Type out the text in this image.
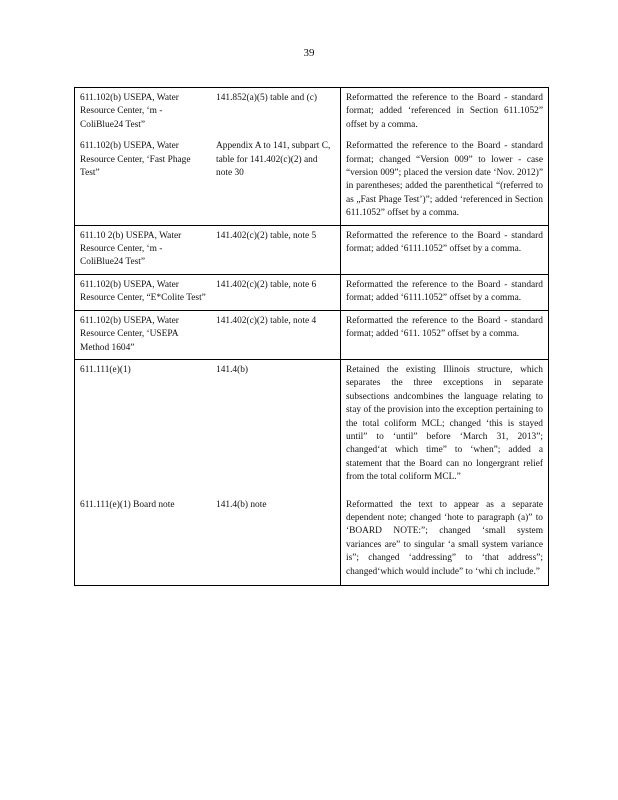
39
611.102(b) USEPA, Water Resource Center, ‘m - ColiBlue24 Test”	141.852(a)(5) table and (c)	Reformatted the reference to the Board - standard format; added ‘referenced in Section 611.1052” offset by a comma.
611.102(b) USEPA, Water Resource Center, ‘Fast Phage Test”	Appendix A to 141, subpart C, table for 141.402(c)(2) and note 30	Reformatted the reference to the Board - standard format; changed “Version 009” to lower - case “version 009”; placed the version date ‘Nov. 2012)” in parentheses; added the parenthetical “(referred to as „Fast Phage Test’)”; added ‘referenced in Section 611.1052” offset by a comma.
611.10 2(b) USEPA, Water Resource Center, ‘m - ColiBlue24 Test”	141.402(c)(2) table, note 5	Reformatted the reference to the Board - standard format; added ‘6111.1052” offset by a comma.
611.102(b) USEPA, Water Resource Center, “E*Colite Test”	141.402(c)(2) table, note 6	Reformatted the reference to the Board - standard format; added ‘6111.1052” offset by a comma.
611.102(b) USEPA, Water Resource Center, ‘USEPA Method 1604”	141.402(c)(2) table, note 4	Reformatted the reference to the Board - standard format; added ‘611. 1052” offset by a comma.
611.111(e)(1)	141.4(b)	Retained the existing Illinois structure, which separates the three exceptions in separate subsections andcombines the language relating to stay of the provision into the exception pertaining to the total coliform MCL; changed ‘this is stayed until” to ‘until” before ‘March 31, 2013”; changed‘at which time” to ‘when”; added a statement that the Board can no longergrant relief from the total coliform MCL.”
611.111(e)(1) Board note	141.4(b) note	Reformatted the text to appear as a separate dependent note; changed ‘hote to paragraph (a)” to ‘BOARD NOTE:”; changed ‘small system variances are” to singular ‘a small system variance is”; changed ‘addressing” to ‘that address”; changed‘which would include” to ‘whi ch include.”
